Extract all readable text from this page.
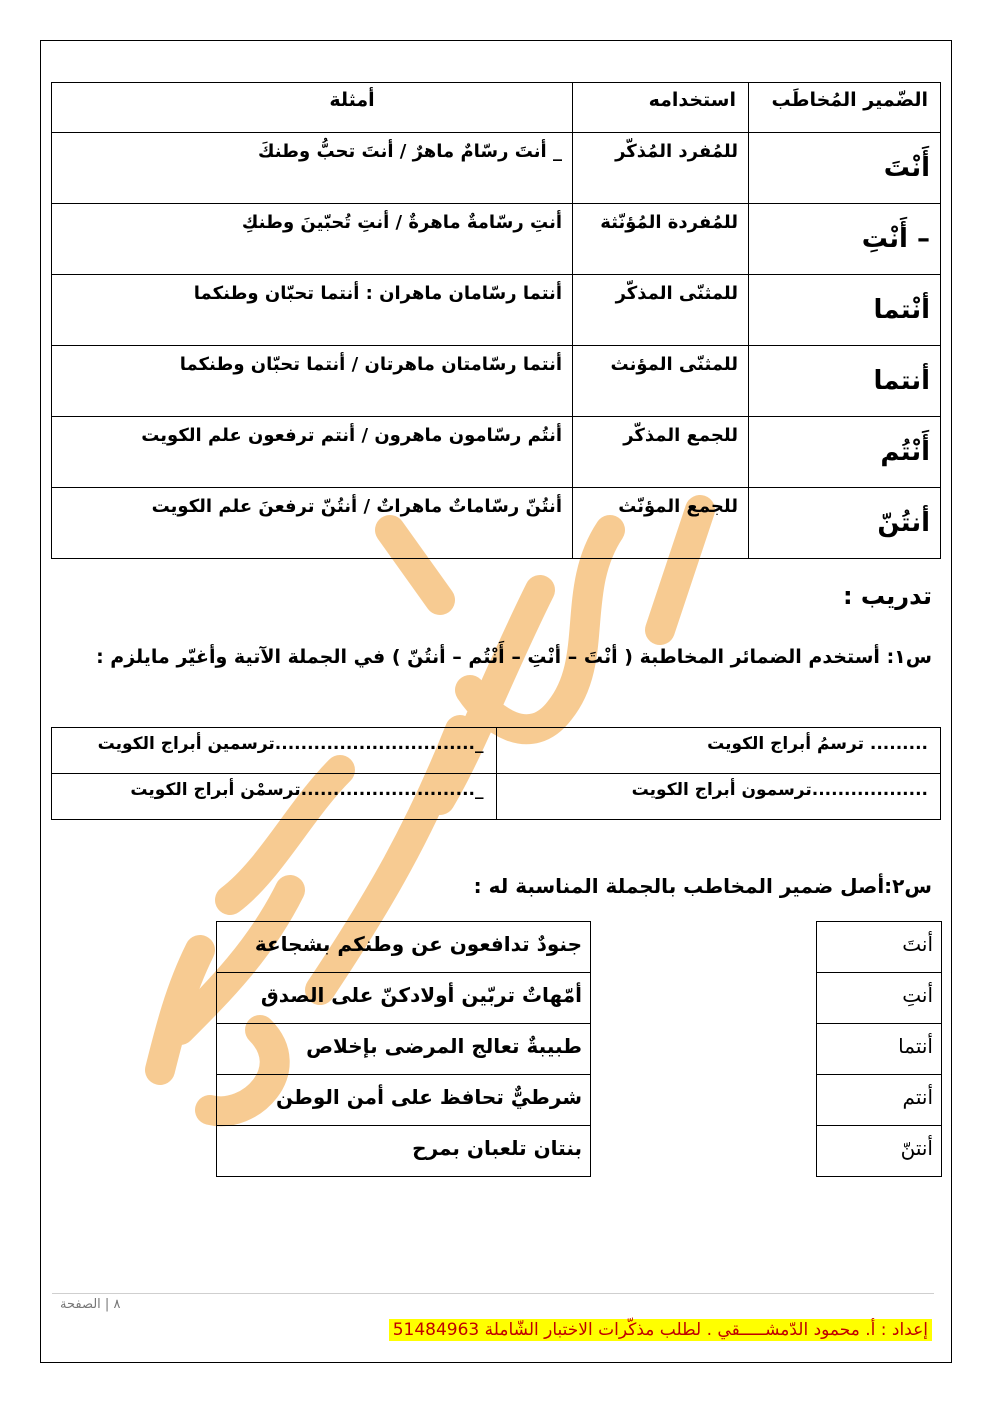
الضّمير المُخاطَب	استخدامه	أمثلة

أَنْتَ	للمُفرد المُذكّر	_ أنتَ رسّامٌ ماهرٌ / أنتَ تحبُّ وطنكَ

– أَنْتِ	للمُفردة المُؤنّثة	أنتِ رسّامةٌ ماهرةٌ / أنتِ تُحبّينَ وطنكِ

أنْتما	للمثنّى المذكّر	أنتما رسّامان ماهران : أنتما تحبّان وطنكما

أنتما	للمثنّى المؤنث	أنتما رسّامتان ماهرتان / أنتما تحبّان وطنكما

أَنْتُم	للجمع المذكّر	أنتُم رسّامون ماهرون / أنتم ترفعون علم الكويت

أنتُنّ	للجمع المؤنّث	أنتُنّ رسّاماتٌ ماهراتٌ / أنتُنّ ترفعنَ علم الكويت
تدريب :
س١: أستخدم الضمائر المخاطبة ( أنْتَ – أنْتِ – أَنْتُم – أنتُنّ ) في الجملة الآتية وأغيّر مايلزم :
......... ترسمُ أبراج الكويت	_...............................ترسمين أبراج الكويت
..................ترسمون أبراج الكويت	_...........................ترسمْن أبراج الكويت
س٢:أصل ضمير المخاطب بالجملة المناسبة له :
أنتَ
أنتِ
أنتما
أنتم
أنتنّ
جنودٌ تدافعون عن وطنكم بشجاعة
أمّهاتٌ تربّين أولادكنّ على الصدق
طبيبةٌ تعالج المرضى بإخلاص
شرطيٌّ تحافظ على أمن الوطن
بنتان تلعبان بمرح
٨ | الصفحة
إعداد : أ. محمود الدّمشـــــقي . لطلب مذكّرات الاختبار الشّاملة 51484963
